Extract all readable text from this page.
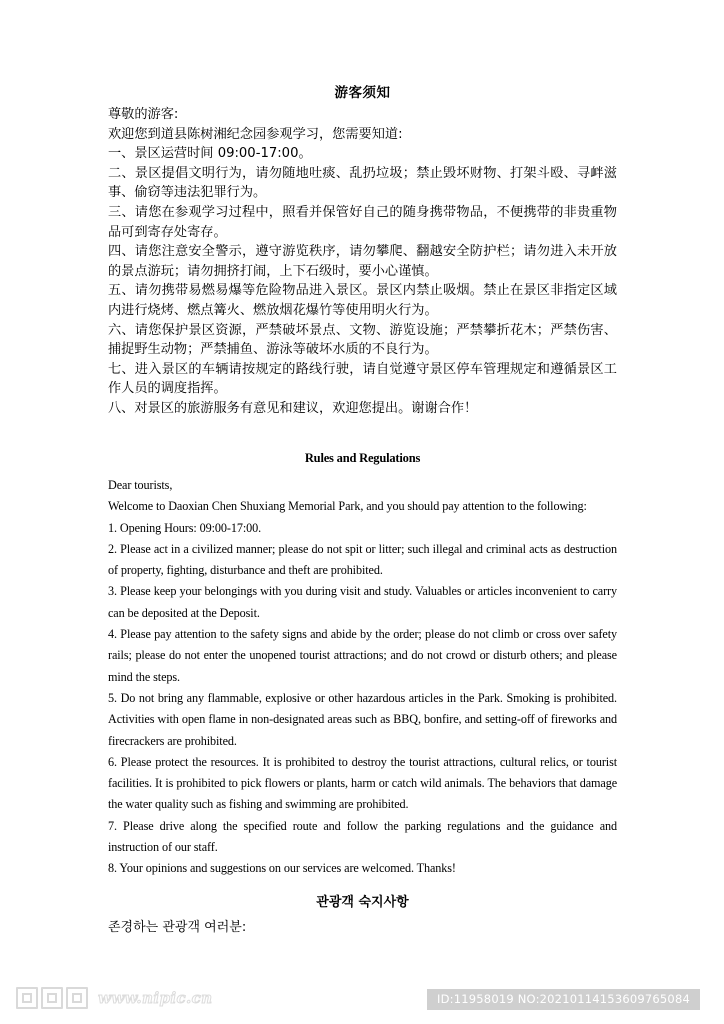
游客须知

尊敬的游客:

欢迎您到道县陈树湘纪念园参观学习，您需要知道:

一、景区运营时间 09:00-17:00。

二、景区提倡文明行为，请勿随地吐痰、乱扔垃圾；禁止毁坏财物、打架斗殴、寻衅滋事、偷窃等违法犯罪行为。

三、请您在参观学习过程中，照看并保管好自己的随身携带物品，不便携带的非贵重物品可到寄存处寄存。

四、请您注意安全警示，遵守游览秩序，请勿攀爬、翻越安全防护栏；请勿进入未开放的景点游玩；请勿拥挤打闹，上下石级时，要小心谨慎。

五、请勿携带易燃易爆等危险物品进入景区。景区内禁止吸烟。禁止在景区非指定区域内进行烧烤、燃点篝火、燃放烟花爆竹等使用明火行为。

六、请您保护景区资源，严禁破坏景点、文物、游览设施；严禁攀折花木；严禁伤害、捕捉野生动物；严禁捕鱼、游泳等破坏水质的不良行为。

七、进入景区的车辆请按规定的路线行驶，请自觉遵守景区停车管理规定和遵循景区工作人员的调度指挥。

八、对景区的旅游服务有意见和建议，欢迎您提出。谢谢合作！

Rules and Regulations

Dear tourists,

Welcome to Daoxian Chen Shuxiang Memorial Park, and you should pay attention to the following:

1. Opening Hours: 09:00-17:00.

2. Please act in a civilized manner; please do not spit or litter; such illegal and criminal acts as destruction of property, fighting, disturbance and theft are prohibited.

3. Please keep your belongings with you during visit and study. Valuables or articles inconvenient to carry can be deposited at the Deposit.

4. Please pay attention to the safety signs and abide by the order; please do not climb or cross over safety rails; please do not enter the unopened tourist attractions; and do not crowd or disturb others; and please mind the steps.

5. Do not bring any flammable, explosive or other hazardous articles in the Park. Smoking is prohibited. Activities with open flame in non-designated areas such as BBQ, bonfire, and setting-off of fireworks and firecrackers are prohibited.

6. Please protect the resources. It is prohibited to destroy the tourist attractions, cultural relics, or tourist facilities. It is prohibited to pick flowers or plants, harm or catch wild animals. The behaviors that damage the water quality such as fishing and swimming are prohibited.

7. Please drive along the specified route and follow the parking regulations and the guidance and instruction of our staff.

8. Your opinions and suggestions on our services are welcomed. Thanks!

관광객 숙지사항

존경하는 관광객 여러분:

www.nipic.cn	ID:11958019 NO:20210114153609765084
